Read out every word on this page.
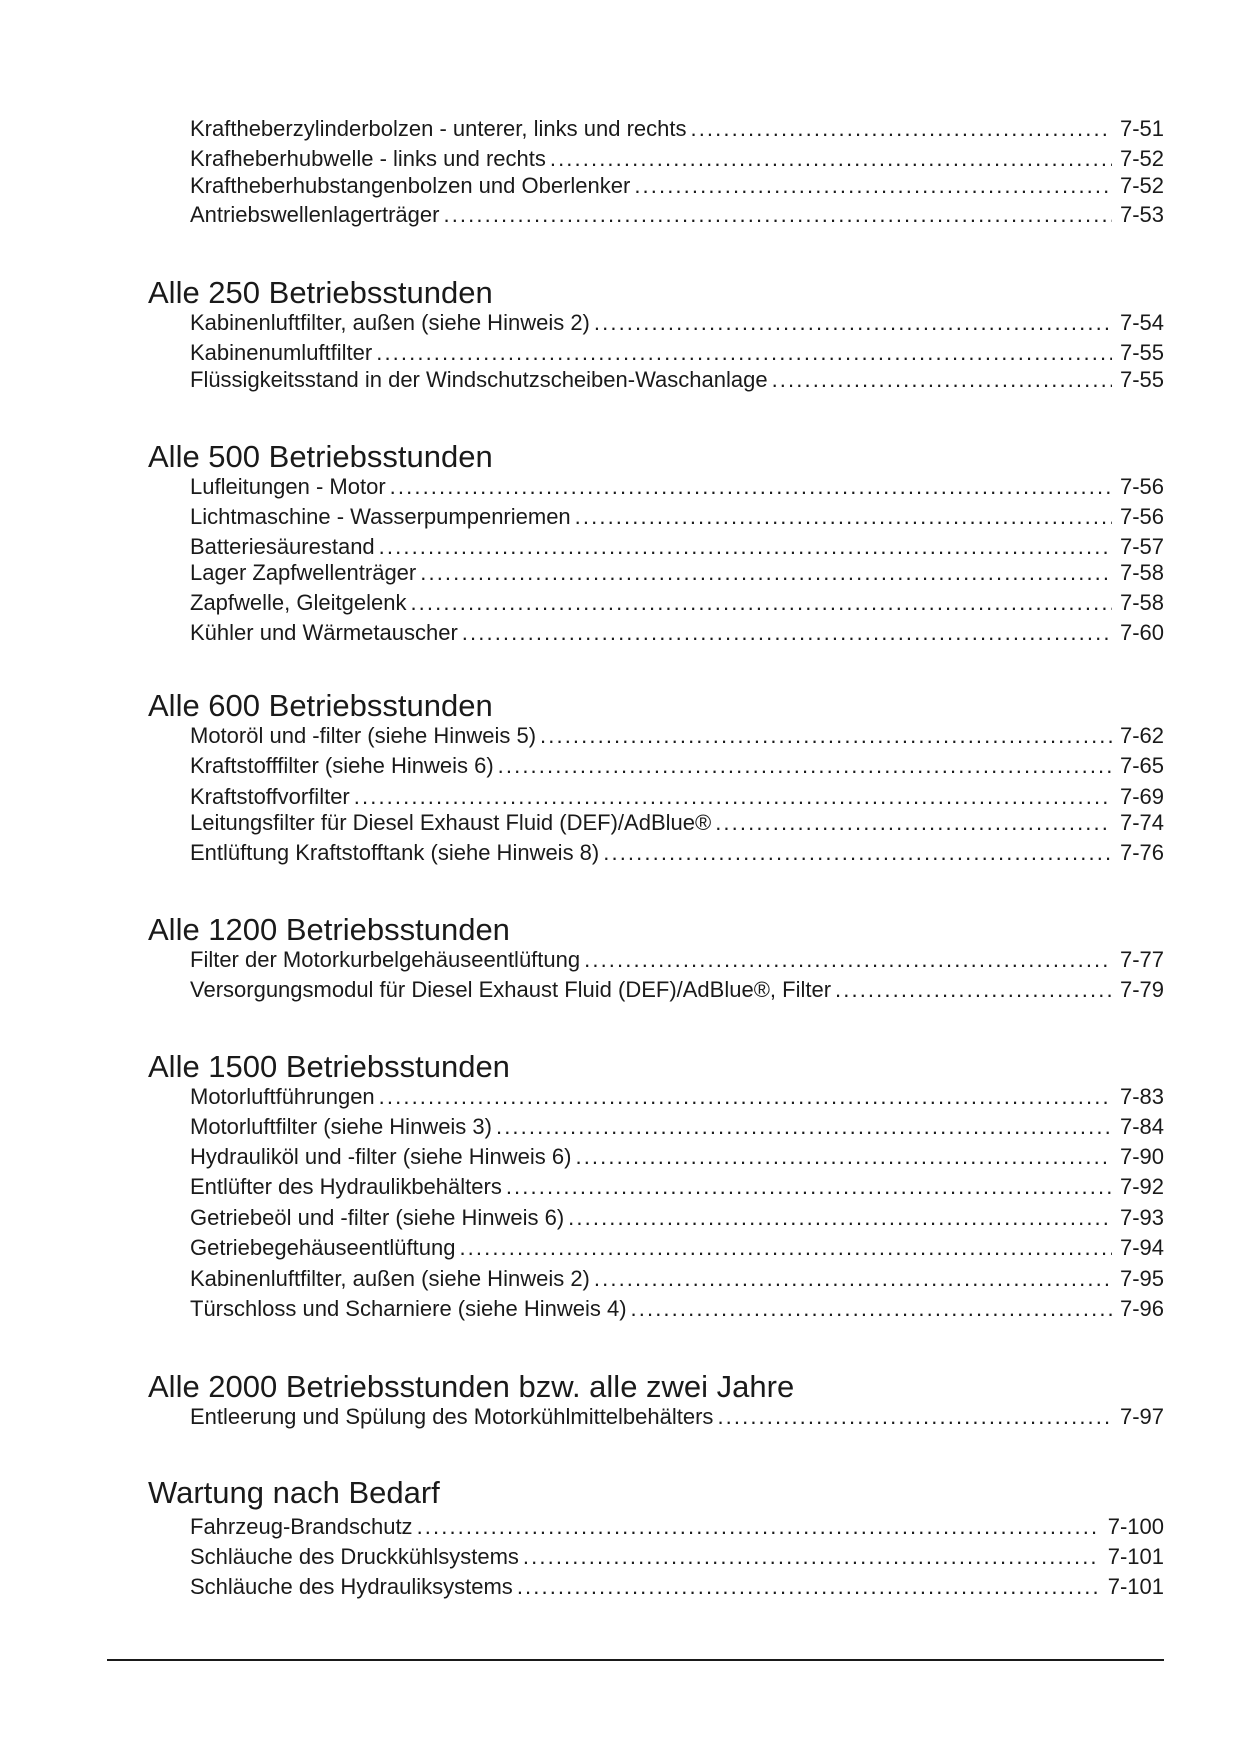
Kraftheberzylinderbolzen - unterer, links und rechts . . .	7-51
Krafheberhubwelle - links und rechts . . .	7-52
Kraftheberhubstangenbolzen und Oberlenker . . .	7-52
Antriebswellenlagerträger . . .	7-53
Alle 250 Betriebsstunden
Kabinenluftfilter, außen (siehe Hinweis 2) . . .	7-54
Kabinenumluftfilter . . .	7-55
Flüssigkeitsstand in der Windschutzscheiben-Waschanlage . . .	7-55
Alle 500 Betriebsstunden
Lufleitungen - Motor . . .	7-56
Lichtmaschine - Wasserpumpenriemen . . .	7-56
Batteriesäurestand . . .	7-57
Lager Zapfwellenträger . . .	7-58
Zapfwelle, Gleitgelenk . . .	7-58
Kühler und Wärmetauscher . . .	7-60
Alle 600 Betriebsstunden
Motoröl und -filter (siehe Hinweis 5) . . .	7-62
Kraftstofffilter (siehe Hinweis 6) . . .	7-65
Kraftstoffvorfilter . . .	7-69
Leitungsfilter für Diesel Exhaust Fluid (DEF)/AdBlue® . . .	7-74
Entlüftung Kraftstofftank (siehe Hinweis 8) . . .	7-76
Alle 1200 Betriebsstunden
Filter der Motorkurbelgehäuseentlüftung . . .	7-77
Versorgungsmodul für Diesel Exhaust Fluid (DEF)/AdBlue®, Filter . . .	7-79
Alle 1500 Betriebsstunden
Motorluftführungen . . .	7-83
Motorluftfilter (siehe Hinweis 3) . . .	7-84
Hydrauliköl und -filter (siehe Hinweis 6) . . .	7-90
Entlüfter des Hydraulikbehälters . . .	7-92
Getriebeöl und -filter (siehe Hinweis 6) . . .	7-93
Getriebegehäuseentlüftung . . .	7-94
Kabinenluftfilter, außen (siehe Hinweis 2) . . .	7-95
Türschloss und Scharniere (siehe Hinweis 4) . . .	7-96
Alle 2000 Betriebsstunden bzw. alle zwei Jahre
Entleerung und Spülung des Motorkühlmittelbehälters . . .	7-97
Wartung nach Bedarf
Fahrzeug-Brandschutz . . .	7-100
Schläuche des Druckkühlsystems . . .	7-101
Schläuche des Hydrauliksystems . . .	7-101
